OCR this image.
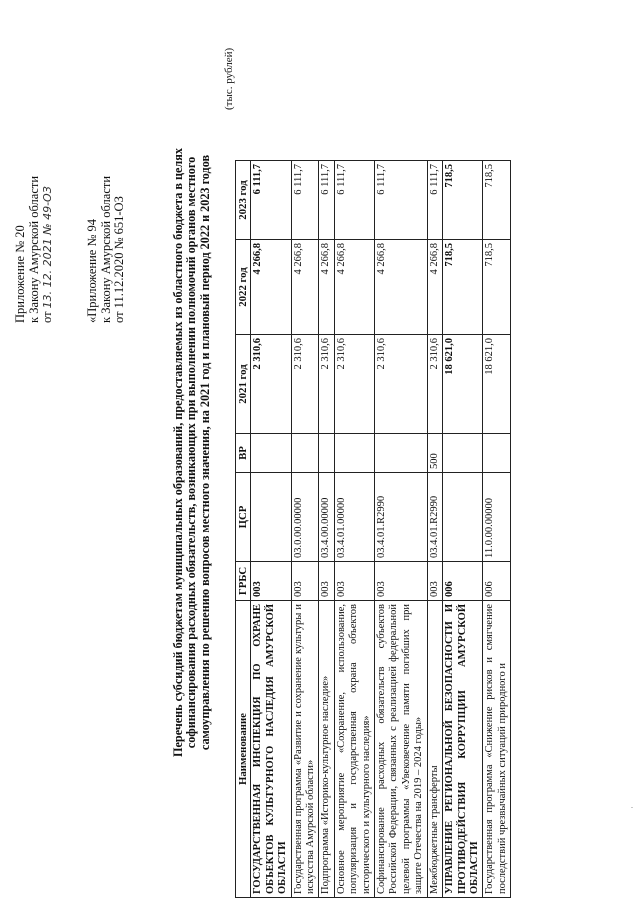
Приложение № 20 к Закону Амурской области от 13. 12. 2021 № 49-ОЗ «Приложение № 94 к Закону Амурской области от 11.12.2020 № 651-ОЗ	Перечень субсидий бюджетам муниципальных образований, предоставляемых из областного бюджета в целях софинансирования расходных обязательств, возникающих при выполнении полномочий органов местного самоуправления по решению вопросов местного значения, на 2021 год и плановый период 2022 и 2023 годов
(тыс. рублей)
Наименование	ГРБС	ЦСР	ВР	2021 год	2022 год	2023 год
ГОСУДАРСТВЕННАЯ ИНСПЕКЦИЯ ПО ОХРАНЕ ОБЪЕКТОВ КУЛЬТУРНОГО НАСЛЕДИЯ АМУРСКОЙ ОБЛАСТИ	003			2 310,6	4 266,8	6 111,7
Государственная программа «Развитие и сохранение культуры и искусства Амурской области»	003	03.0.00.00000		2 310,6	4 266,8	6 111,7
Подпрограмма «Историко-культурное наследие»	003	03.4.00.00000		2 310,6	4 266,8	6 111,7
Основное мероприятие «Сохранение, использование, популяризация и государственная охрана объектов исторического и культурного наследия»	003	03.4.01.00000		2 310,6	4 266,8	6 111,7
Софинансирование расходных обязательств субъектов Российской Федерации, связанных с реализацией федеральной целевой программы «Увековечение памяти погибших при защите Отечества на 2019 – 2024 годы»	003	03.4.01.R2990		2 310,6	4 266,8	6 111,7
Межбюджетные трансферты	003	03.4.01.R2990	500	2 310,6	4 266,8	6 111,7
УПРАВЛЕНИЕ РЕГИОНАЛЬНОЙ БЕЗОПАСНОСТИ И ПРОТИВОДЕЙСТВИЯ КОРРУПЦИИ АМУРСКОЙ ОБЛАСТИ	006			18 621,0	718,5	718,5
Государственная программа «Снижение рисков и смягчение последствий чрезвычайных ситуаций природного и	006	11.0.00.00000		18 621,0	718,5	718,5
˙
